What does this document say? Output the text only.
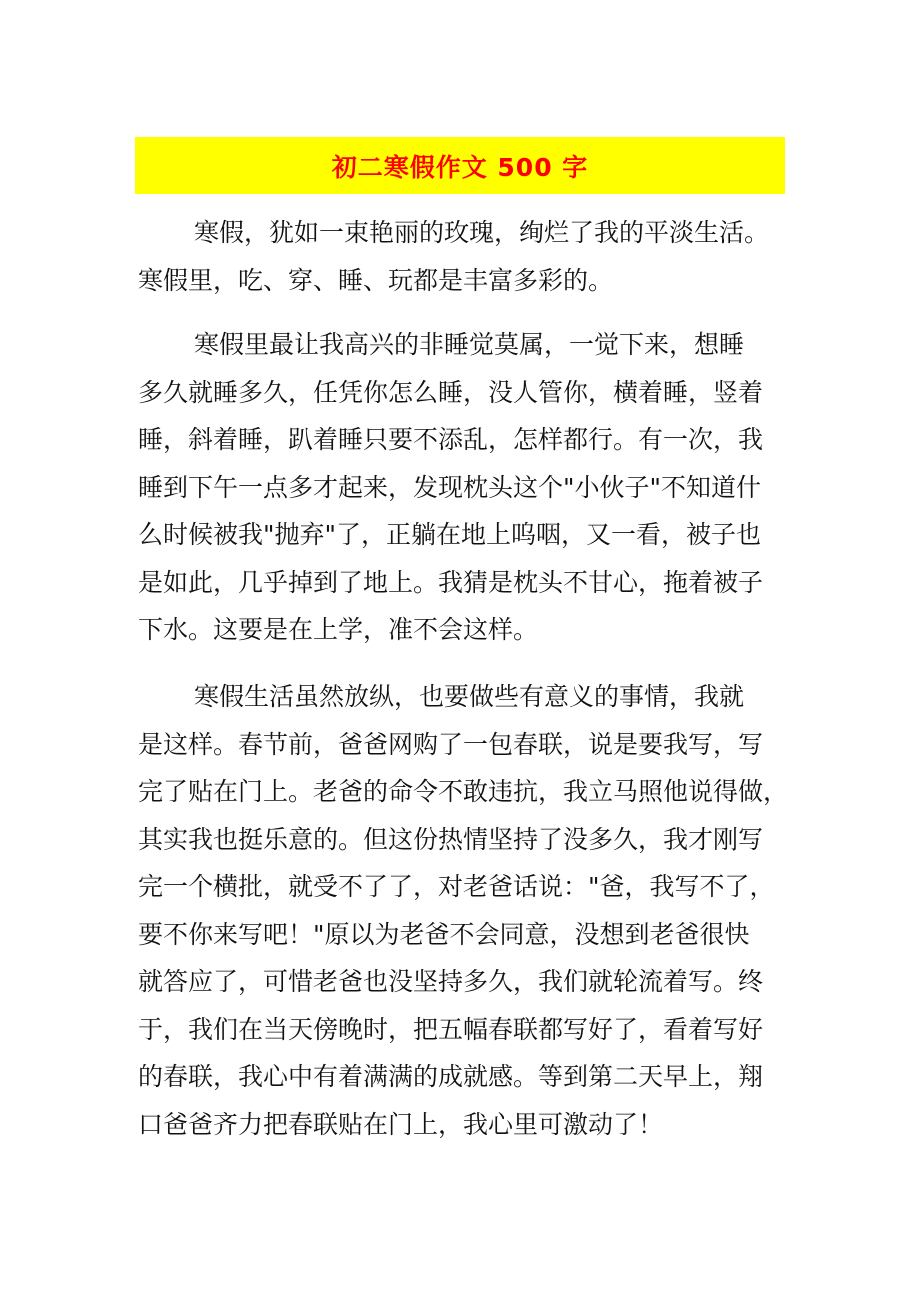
初二寒假作文 500 字
寒假，犹如一束艳丽的玫瑰，绚烂了我的平淡生活。
寒假里，吃、穿、睡、玩都是丰富多彩的。
寒假里最让我高兴的非睡觉莫属，一觉下来，想睡
多久就睡多久，任凭你怎么睡，没人管你，横着睡，竖着
睡，斜着睡，趴着睡只要不添乱，怎样都行。有一次，我
睡到下午一点多才起来，发现枕头这个"小伙子"不知道什
么时候被我"抛弃"了，正躺在地上呜咽，又一看，被子也
是如此，几乎掉到了地上。我猜是枕头不甘心，拖着被子
下水。这要是在上学，准不会这样。
寒假生活虽然放纵，也要做些有意义的事情，我就
是这样。春节前，爸爸网购了一包春联，说是要我写，写
完了贴在门上。老爸的命令不敢违抗，我立马照他说得做，
其实我也挺乐意的。但这份热情坚持了没多久，我才刚写
完一个横批，就受不了了，对老爸话说："爸，我写不了，
要不你来写吧！"原以为老爸不会同意，没想到老爸很快
就答应了，可惜老爸也没坚持多久，我们就轮流着写。终
于，我们在当天傍晚时，把五幅春联都写好了，看着写好
的春联，我心中有着满满的成就感。等到第二天早上，翔
口爸爸齐力把春联贴在门上，我心里可激动了！
